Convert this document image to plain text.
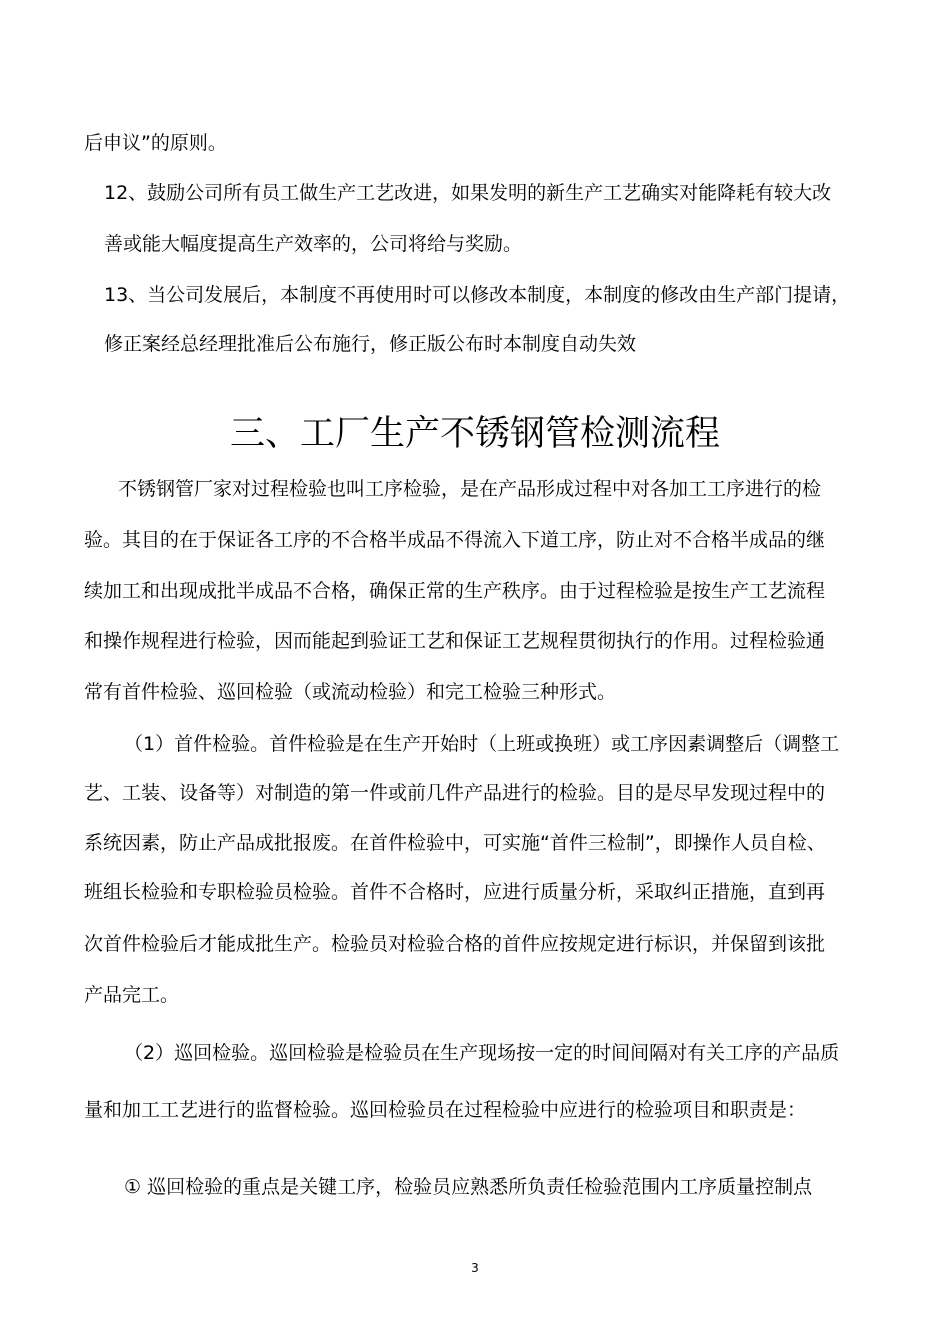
后申议”的原则。
12、鼓励公司所有员工做生产工艺改进，如果发明的新生产工艺确实对能降耗有较大改
善或能大幅度提高生产效率的，公司将给与奖励。
13、当公司发展后，本制度不再使用时可以修改本制度，本制度的修改由生产部门提请，
修正案经总经理批准后公布施行，修正版公布时本制度自动失效
三、工厂生产不锈钢管检测流程
不锈钢管厂家对过程检验也叫工序检验，是在产品形成过程中对各加工工序进行的检
验。其目的在于保证各工序的不合格半成品不得流入下道工序，防止对不合格半成品的继
续加工和出现成批半成品不合格，确保正常的生产秩序。由于过程检验是按生产工艺流程
和操作规程进行检验，因而能起到验证工艺和保证工艺规程贯彻执行的作用。过程检验通
常有首件检验、巡回检验（或流动检验）和完工检验三种形式。
（1）首件检验。首件检验是在生产开始时（上班或换班）或工序因素调整后（调整工
艺、工装、设备等）对制造的第一件或前几件产品进行的检验。目的是尽早发现过程中的
系统因素，防止产品成批报废。在首件检验中，可实施“首件三检制”，即操作人员自检、
班组长检验和专职检验员检验。首件不合格时，应进行质量分析，采取纠正措施，直到再
次首件检验后才能成批生产。检验员对检验合格的首件应按规定进行标识，并保留到该批
产品完工。
（2）巡回检验。巡回检验是检验员在生产现场按一定的时间间隔对有关工序的产品质
量和加工工艺进行的监督检验。巡回检验员在过程检验中应进行的检验项目和职责是：
① 巡回检验的重点是关键工序，检验员应熟悉所负责任检验范围内工序质量控制点
3
